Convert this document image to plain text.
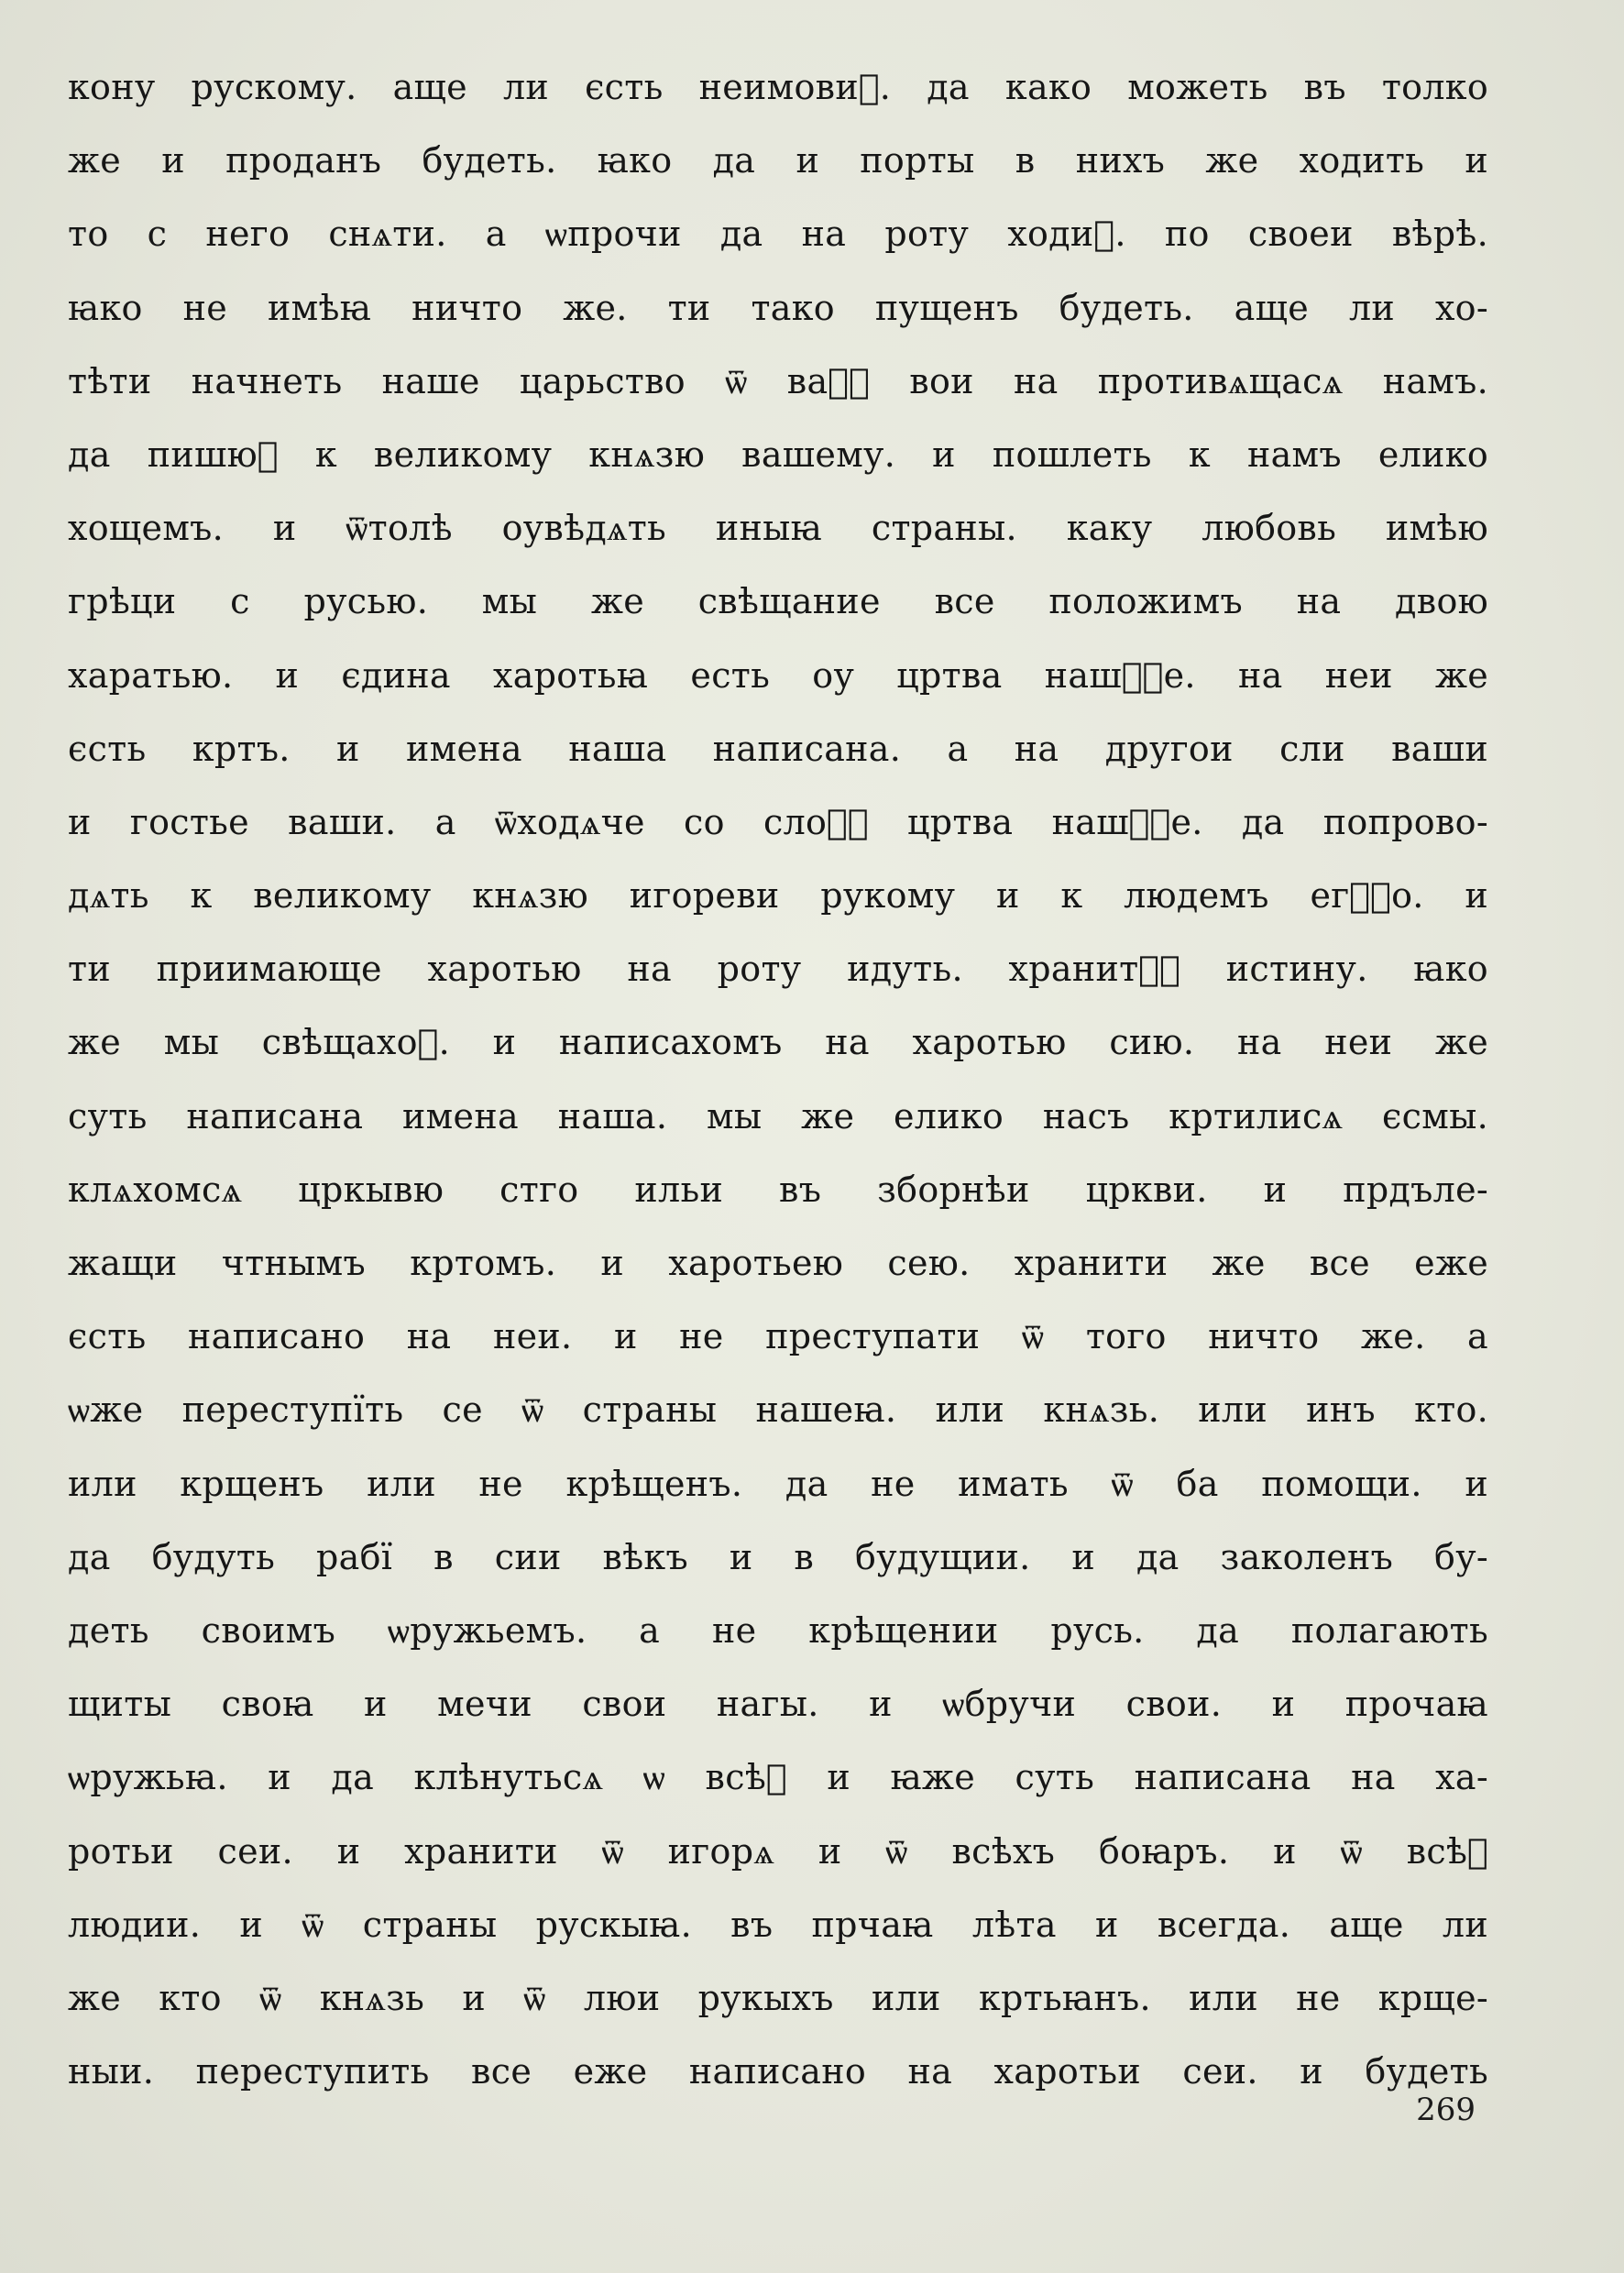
кону рускому. аще ли єсть неимовиⷮ. да како можеть въ толко
же и проданъ будеть. ꙗко да и порты в нихъ же ходить и
то с него снѧти. а ѡпрочи да на роту ходиⷮ. по своеи вѣрѣ.
ꙗко не имѣꙗ ничто же. ти тако пущенъ будеть. аще ли хо-
тѣти начнеть наше царьство ѿ ваⷭ҇ вои на противѧщасѧ намъ.
да пишюⷮ к великому кнѧзю вашему. и пошлеть к намъ елико
хощемъ. и ѿтолѣ оувѣдѧть иныꙗ страны. каку любовь имѣю
грѣци с русью. мы же свѣщание все положимъ на двою
харатью. и єдина харотьꙗ есть оу цртва нашⷪ҇е. на неи же
єсть кртъ. и имена наша написана. а на другои сли ваши
и гостье ваши. а ѿходѧче со слоⷨ҇ цртва нашⷭ҇е. да попрово-
дѧть к великому кнѧзю игореви рукому и к людемъ егⷭ҇о. и
ти приимающе харотью на роту идуть. хранитⷤ҇ истину. ꙗко
же мы свѣщахоⷨ. и написахомъ на харотью сию. на неи же
суть написана имена наша. мы же елико насъ кртилисѧ єсмы.
клѧхомсѧ цркывю стго ильи въ зборнѣи цркви. и прдълe-
жащи чтнымъ кртомъ. и харотьею сею. хранити же все еже
єсть написано на неи. и не преступати ѿ того ничто же. а
ѡже переступїть се ѿ страны нашеꙗ. или кнѧзь. или инъ кто.
или крщенъ или не крѣщенъ. да не имать ѿ ба помощи. и
да будуть рабї в сии вѣкъ и в будущии. и да заколенъ бу-
деть своимъ ѡружьемъ. а не крѣщении русь. да полагають
щиты своꙗ и мечи свои нагы. и ѡбручи свои. и прочаꙗ
ѡружьꙗ. и да клѣнутьсѧ ѡ всѣⷨ и ꙗже суть написана на ха-
ротьи сеи. и хранити ѿ игорѧ и ѿ всѣхъ боꙗръ. и ѿ всѣⷯ
людии. и ѿ страны рускыꙗ. въ прчаꙗ лѣта и всегда. аще ли
же кто ѿ кнѧзь и ѿ люи рукыхъ или кртьꙗнъ. или не крще-
ныи. переступить все еже написано на харотьи сеи. и будеть
269
